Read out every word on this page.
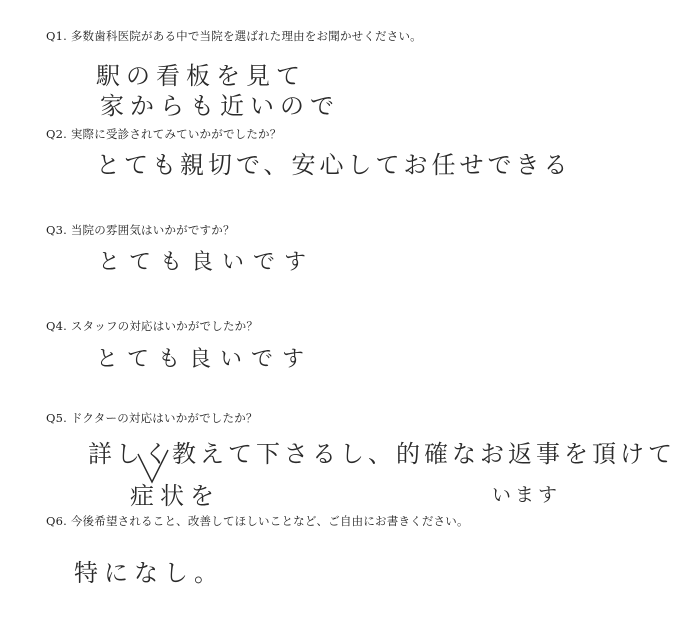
Q1. 多数歯科医院がある中で当院を選ばれた理由をお聞かせください。
駅の看板を見て
家からも近いので
Q2. 実際に受診されてみていかがでしたか？
とても親切で、安心してお任せできる
Q3. 当院の雰囲気はいかがですか？
とても良いです
Q4. スタッフの対応はいかがでしたか？
とても良いです
Q5. ドクターの対応はいかがでしたか？
詳しく教えて下さるし、的確なお返事を頂けて
症状を	います
Q6. 今後希望されること、改善してほしいことなど、ご自由にお書きください。
特になし。
